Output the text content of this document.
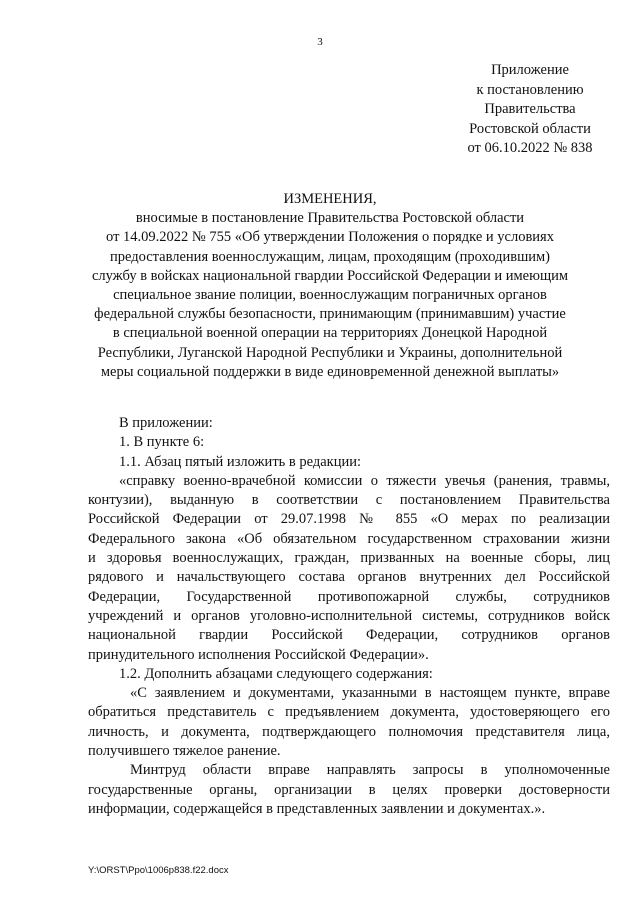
3
Приложение
к постановлению
Правительства
Ростовской области
от 06.10.2022 № 838
ИЗМЕНЕНИЯ,
вносимые в постановление Правительства Ростовской области
от 14.09.2022 № 755 «Об утверждении Положения о порядке и условиях
предоставления военнослужащим, лицам, проходящим (проходившим)
службу в войсках национальной гвардии Российской Федерации и имеющим
специальное звание полиции, военнослужащим пограничных органов
федеральной службы безопасности, принимающим (принимавшим) участие
в специальной военной операции на территориях Донецкой Народной
Республики, Луганской Народной Республики и Украины, дополнительной
меры социальной поддержки в виде единовременной денежной выплаты»
В приложении:
1. В пункте 6:
1.1. Абзац пятый изложить в редакции:
«справку военно-врачебной комиссии о тяжести увечья (ранения, травмы,
контузии), выданную в соответствии с постановлением Правительства
Российской Федерации от 29.07.1998 № 855 «О мерах по реализации
Федерального закона «Об обязательном государственном страховании жизни
и здоровья военнослужащих, граждан, призванных на военные сборы, лиц
рядового и начальствующего состава органов внутренних дел Российской
Федерации, Государственной противопожарной службы, сотрудников
учреждений и органов уголовно-исполнительной системы, сотрудников войск
национальной гвардии Российской Федерации, сотрудников органов
принудительного исполнения Российской Федерации».
1.2. Дополнить абзацами следующего содержания:
«С заявлением и документами, указанными в настоящем пункте, вправе
обратиться представитель с предъявлением документа, удостоверяющего его
личность, и документа, подтверждающего полномочия представителя лица,
получившего тяжелое ранение.
Минтруд области вправе направлять запросы в уполномоченные
государственные органы, организации в целях проверки достоверности
информации, содержащейся в представленных заявлении и документах.».
Y:\ORST\Ppo\1006p838.f22.docx
